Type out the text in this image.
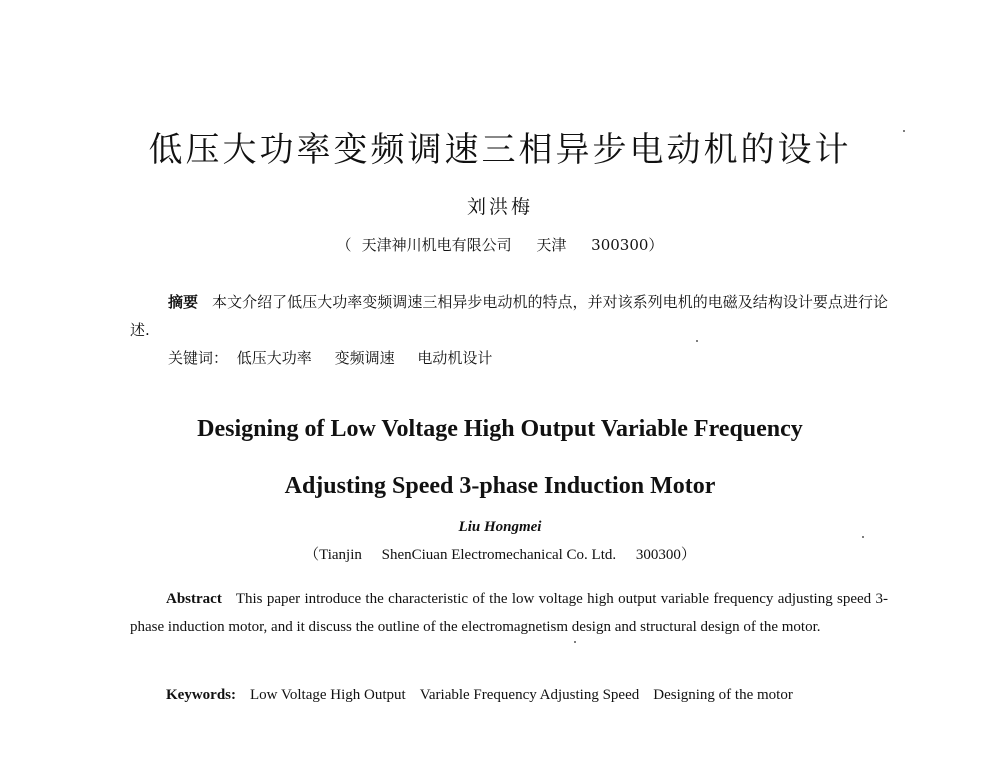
低压大功率变频调速三相异步电动机的设计
刘洪梅
（ 天津神川机电有限公司 天津 300300）
摘要 本文介绍了低压大功率变频调速三相异步电动机的特点，并对该系列电机的电磁及结构设计要点进行论述.
关键词： 低压大功率 变频调速 电动机设计
Designing of Low Voltage High Output Variable Frequency
Adjusting Speed 3-phase Induction Motor
Liu Hongmei
（Tianjin ShenCiuan Electromechanical Co. Ltd. 300300）
Abstract This paper introduce the characteristic of the low voltage high output variable frequency adjusting speed 3-phase induction motor, and it discuss the outline of the electromagnetism design and structural design of the motor.
Keywords: Low Voltage High Output Variable Frequency Adjusting Speed Designing of the motor
